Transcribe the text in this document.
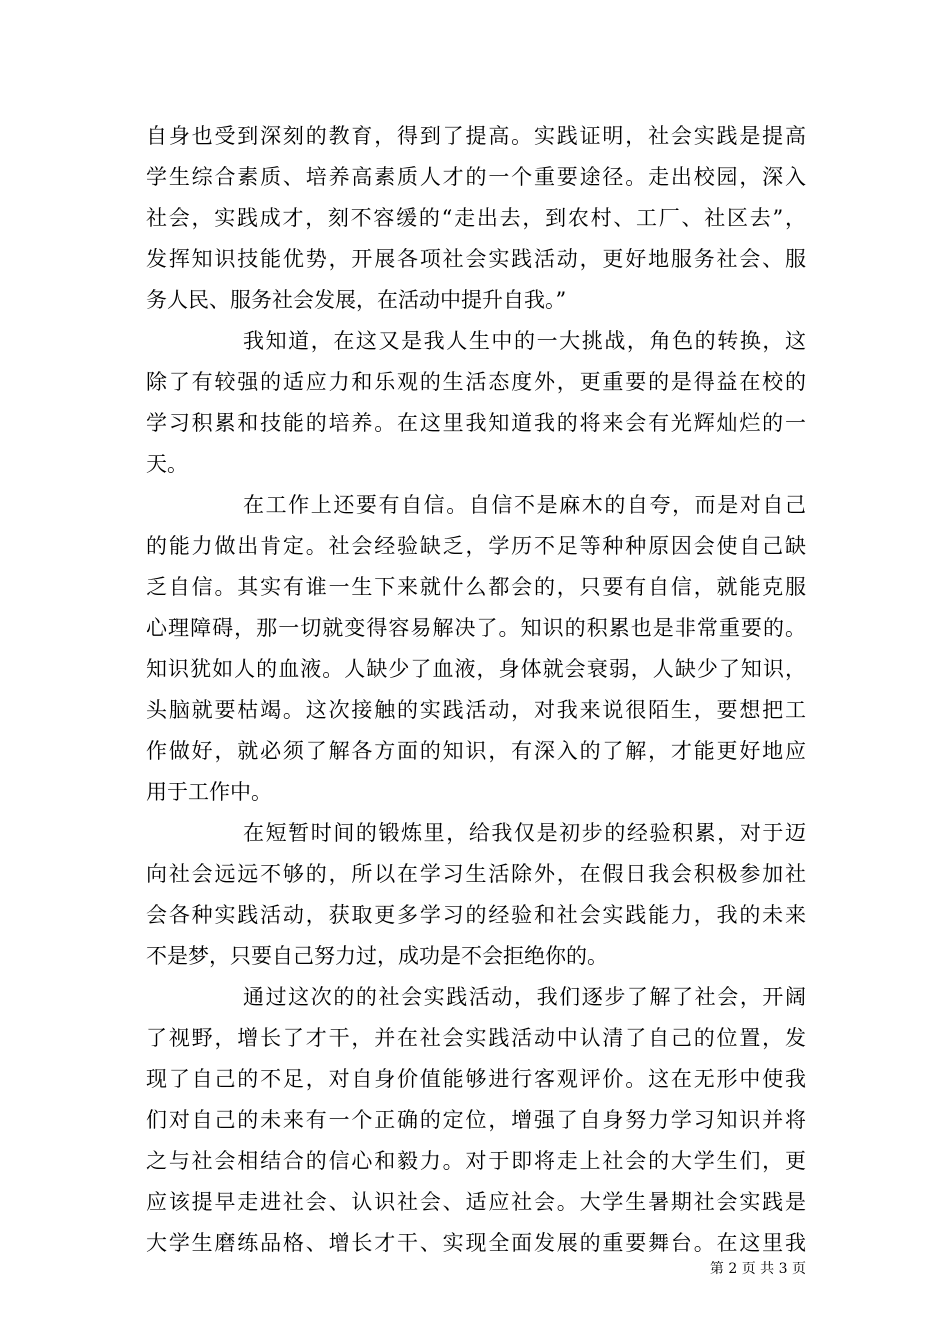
自身也受到深刻的教育，得到了提高。实践证明，社会实践是提高
学生综合素质、培养高素质人才的一个重要途径。走出校园，深入
社会，实践成才，刻不容缓的“走出去，到农村、工厂、社区去”，
发挥知识技能优势，开展各项社会实践活动，更好地服务社会、服
务人民、服务社会发展，在活动中提升自我。”
我知道，在这又是我人生中的一大挑战，角色的转换，这
除了有较强的适应力和乐观的生活态度外，更重要的是得益在校的
学习积累和技能的培养。在这里我知道我的将来会有光辉灿烂的一
天。
在工作上还要有自信。自信不是麻木的自夸，而是对自己
的能力做出肯定。社会经验缺乏，学历不足等种种原因会使自己缺
乏自信。其实有谁一生下来就什么都会的，只要有自信，就能克服
心理障碍，那一切就变得容易解决了。知识的积累也是非常重要的。
知识犹如人的血液。人缺少了血液，身体就会衰弱，人缺少了知识，
头脑就要枯竭。这次接触的实践活动，对我来说很陌生，要想把工
作做好，就必须了解各方面的知识，有深入的了解，才能更好地应
用于工作中。
在短暂时间的锻炼里，给我仅是初步的经验积累，对于迈
向社会远远不够的，所以在学习生活除外，在假日我会积极参加社
会各种实践活动，获取更多学习的经验和社会实践能力，我的未来
不是梦，只要自己努力过，成功是不会拒绝你的。
通过这次的的社会实践活动，我们逐步了解了社会，开阔
了视野，增长了才干，并在社会实践活动中认清了自己的位置，发
现了自己的不足，对自身价值能够进行客观评价。这在无形中使我
们对自己的未来有一个正确的定位，增强了自身努力学习知识并将
之与社会相结合的信心和毅力。对于即将走上社会的大学生们，更
应该提早走进社会、认识社会、适应社会。大学生暑期社会实践是
大学生磨练品格、增长才干、实现全面发展的重要舞台。在这里我
第 2 页 共 3 页
